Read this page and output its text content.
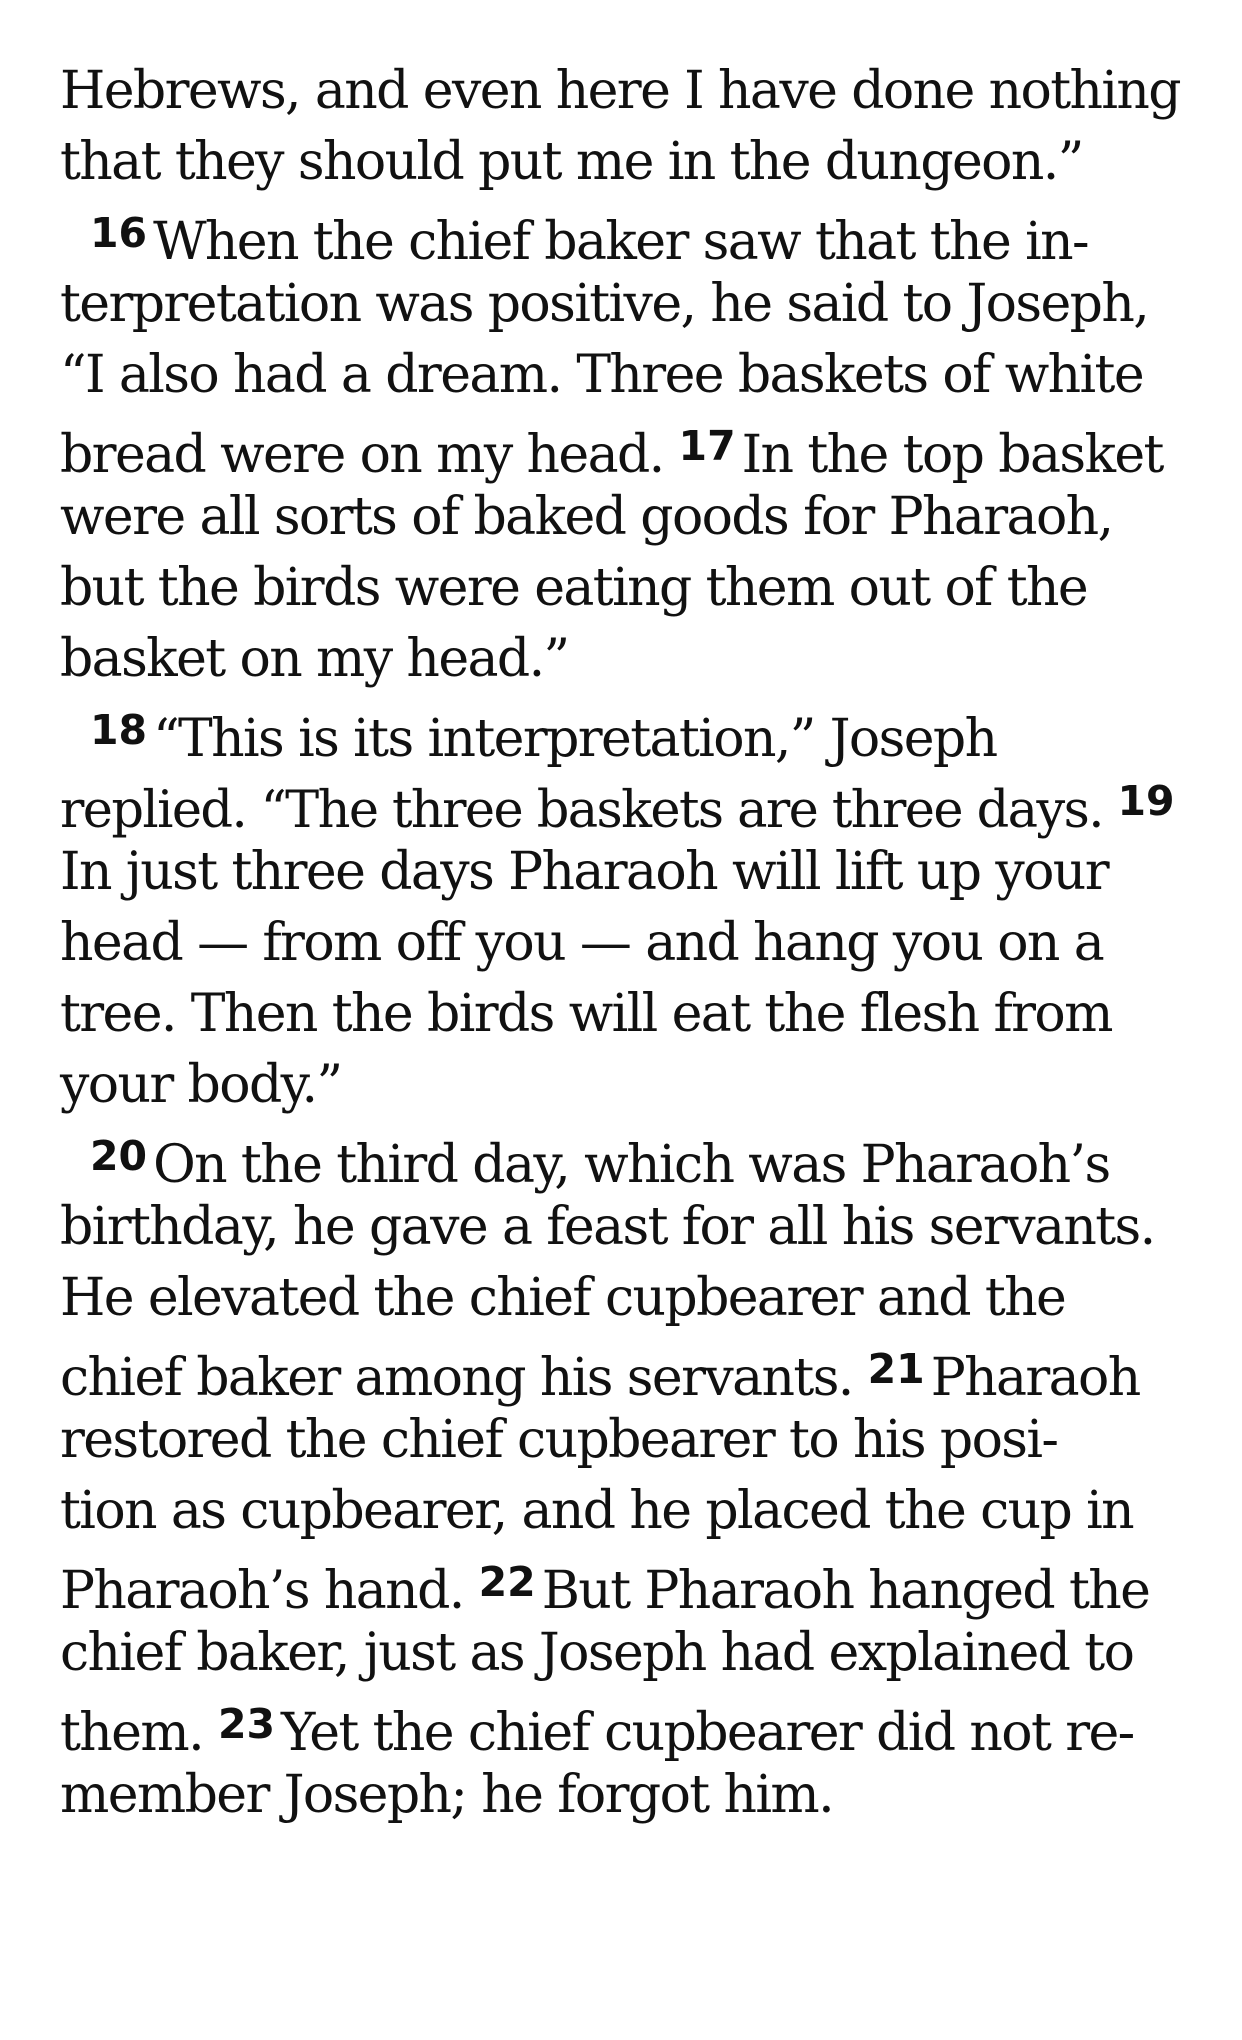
Hebrews, and even here I have done nothing
that they should put me in the dungeon.”
$^{16}$ When the chief baker saw that the in-
terpretation was positive, he said to Joseph,
“I also had a dream. Three baskets of white
bread were on my head. $^{17}$ In the top basket
were all sorts of baked goods for Pharaoh,
but the birds were eating them out of the
basket on my head.”
$^{18}$ “This is its interpretation,” Joseph
replied. “The three baskets are three days. $^{19}$
In just three days Pharaoh will lift up your
head — from off you — and hang you on a
tree. Then the birds will eat the flesh from
your body.”
$^{20}$ On the third day, which was Pharaoh’s
birthday, he gave a feast for all his servants.
He elevated the chief cupbearer and the
chief baker among his servants. $^{21}$ Pharaoh
restored the chief cupbearer to his posi-
tion as cupbearer, and he placed the cup in
Pharaoh’s hand. $^{22}$ But Pharaoh hanged the
chief baker, just as Joseph had explained to
them. $^{23}$ Yet the chief cupbearer did not re-
member Joseph; he forgot him.
